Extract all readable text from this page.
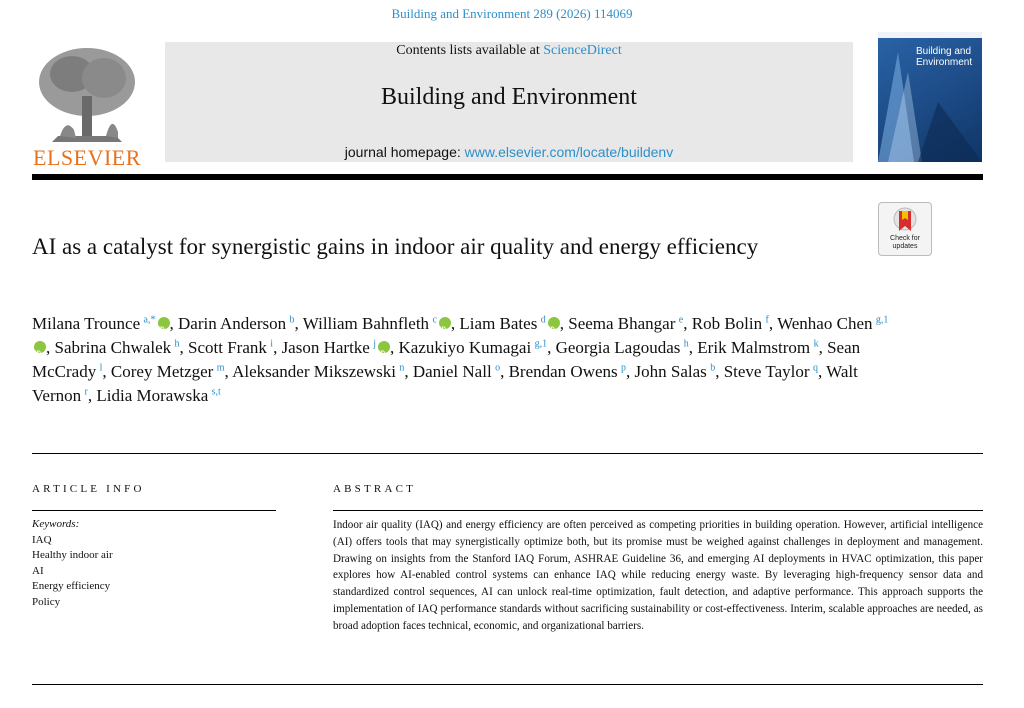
Building and Environment 289 (2026) 114069
ELSEVIER
Contents lists available at ScienceDirect
Building and Environment
journal homepage: www.elsevier.com/locate/buildenv
Building and
Environment
Check for updates
AI as a catalyst for synergistic gains in indoor air quality and energy efficiency
Milana Trounce  $^{a,*}$ iD , Darin Anderson  $^b$, William Bahnfleth  $^c$ iD , Liam Bates  $^d$ iD , Seema Bhangar  $^e$, Rob Bolin  $^f$, Wenhao Chen  $^{g,1}$iD, Sabrina Chwalek  $^h$, Scott Frank  $^i$, Jason Hartke  $^j$ iD , Kazukiyo Kumagai  $^{g,1}$, Georgia Lagoudas  $^h$, Erik Malmstrom  $^k$, Sean McCrady  $^l$, Corey Metzger  $^m$, Aleksander Mikszewski  $^n$, Daniel Nall  $^o$, Brendan Owens  $^p$, John Salas  $^b$, Steve Taylor  $^q$, Walt Vernon  $^r$, Lidia Morawska  $^{s,t}$
ARTICLE INFO	ABSTRACT
Keywords:
IAQ
Healthy indoor air
AI
Energy efficiency
Policy
Indoor air quality (IAQ) and energy efficiency are often perceived as competing priorities in building operation. However, artificial intelligence (AI) offers tools that may synergistically optimize both, but its promise must be weighed against challenges in deployment and management. Drawing on insights from the Stanford IAQ Forum, ASHRAE Guideline 36, and emerging AI deployments in HVAC optimization, this paper explores how AI-enabled control systems can enhance IAQ while reducing energy waste. By leveraging high-frequency sensor data and standardized control sequences, AI can unlock real-time optimization, fault detection, and adaptive performance. This approach supports the implementation of IAQ performance standards without sacrificing sustainability or cost-effectiveness. Interim, scalable approaches are needed, as broad adoption faces technical, economic, and organizational barriers.
